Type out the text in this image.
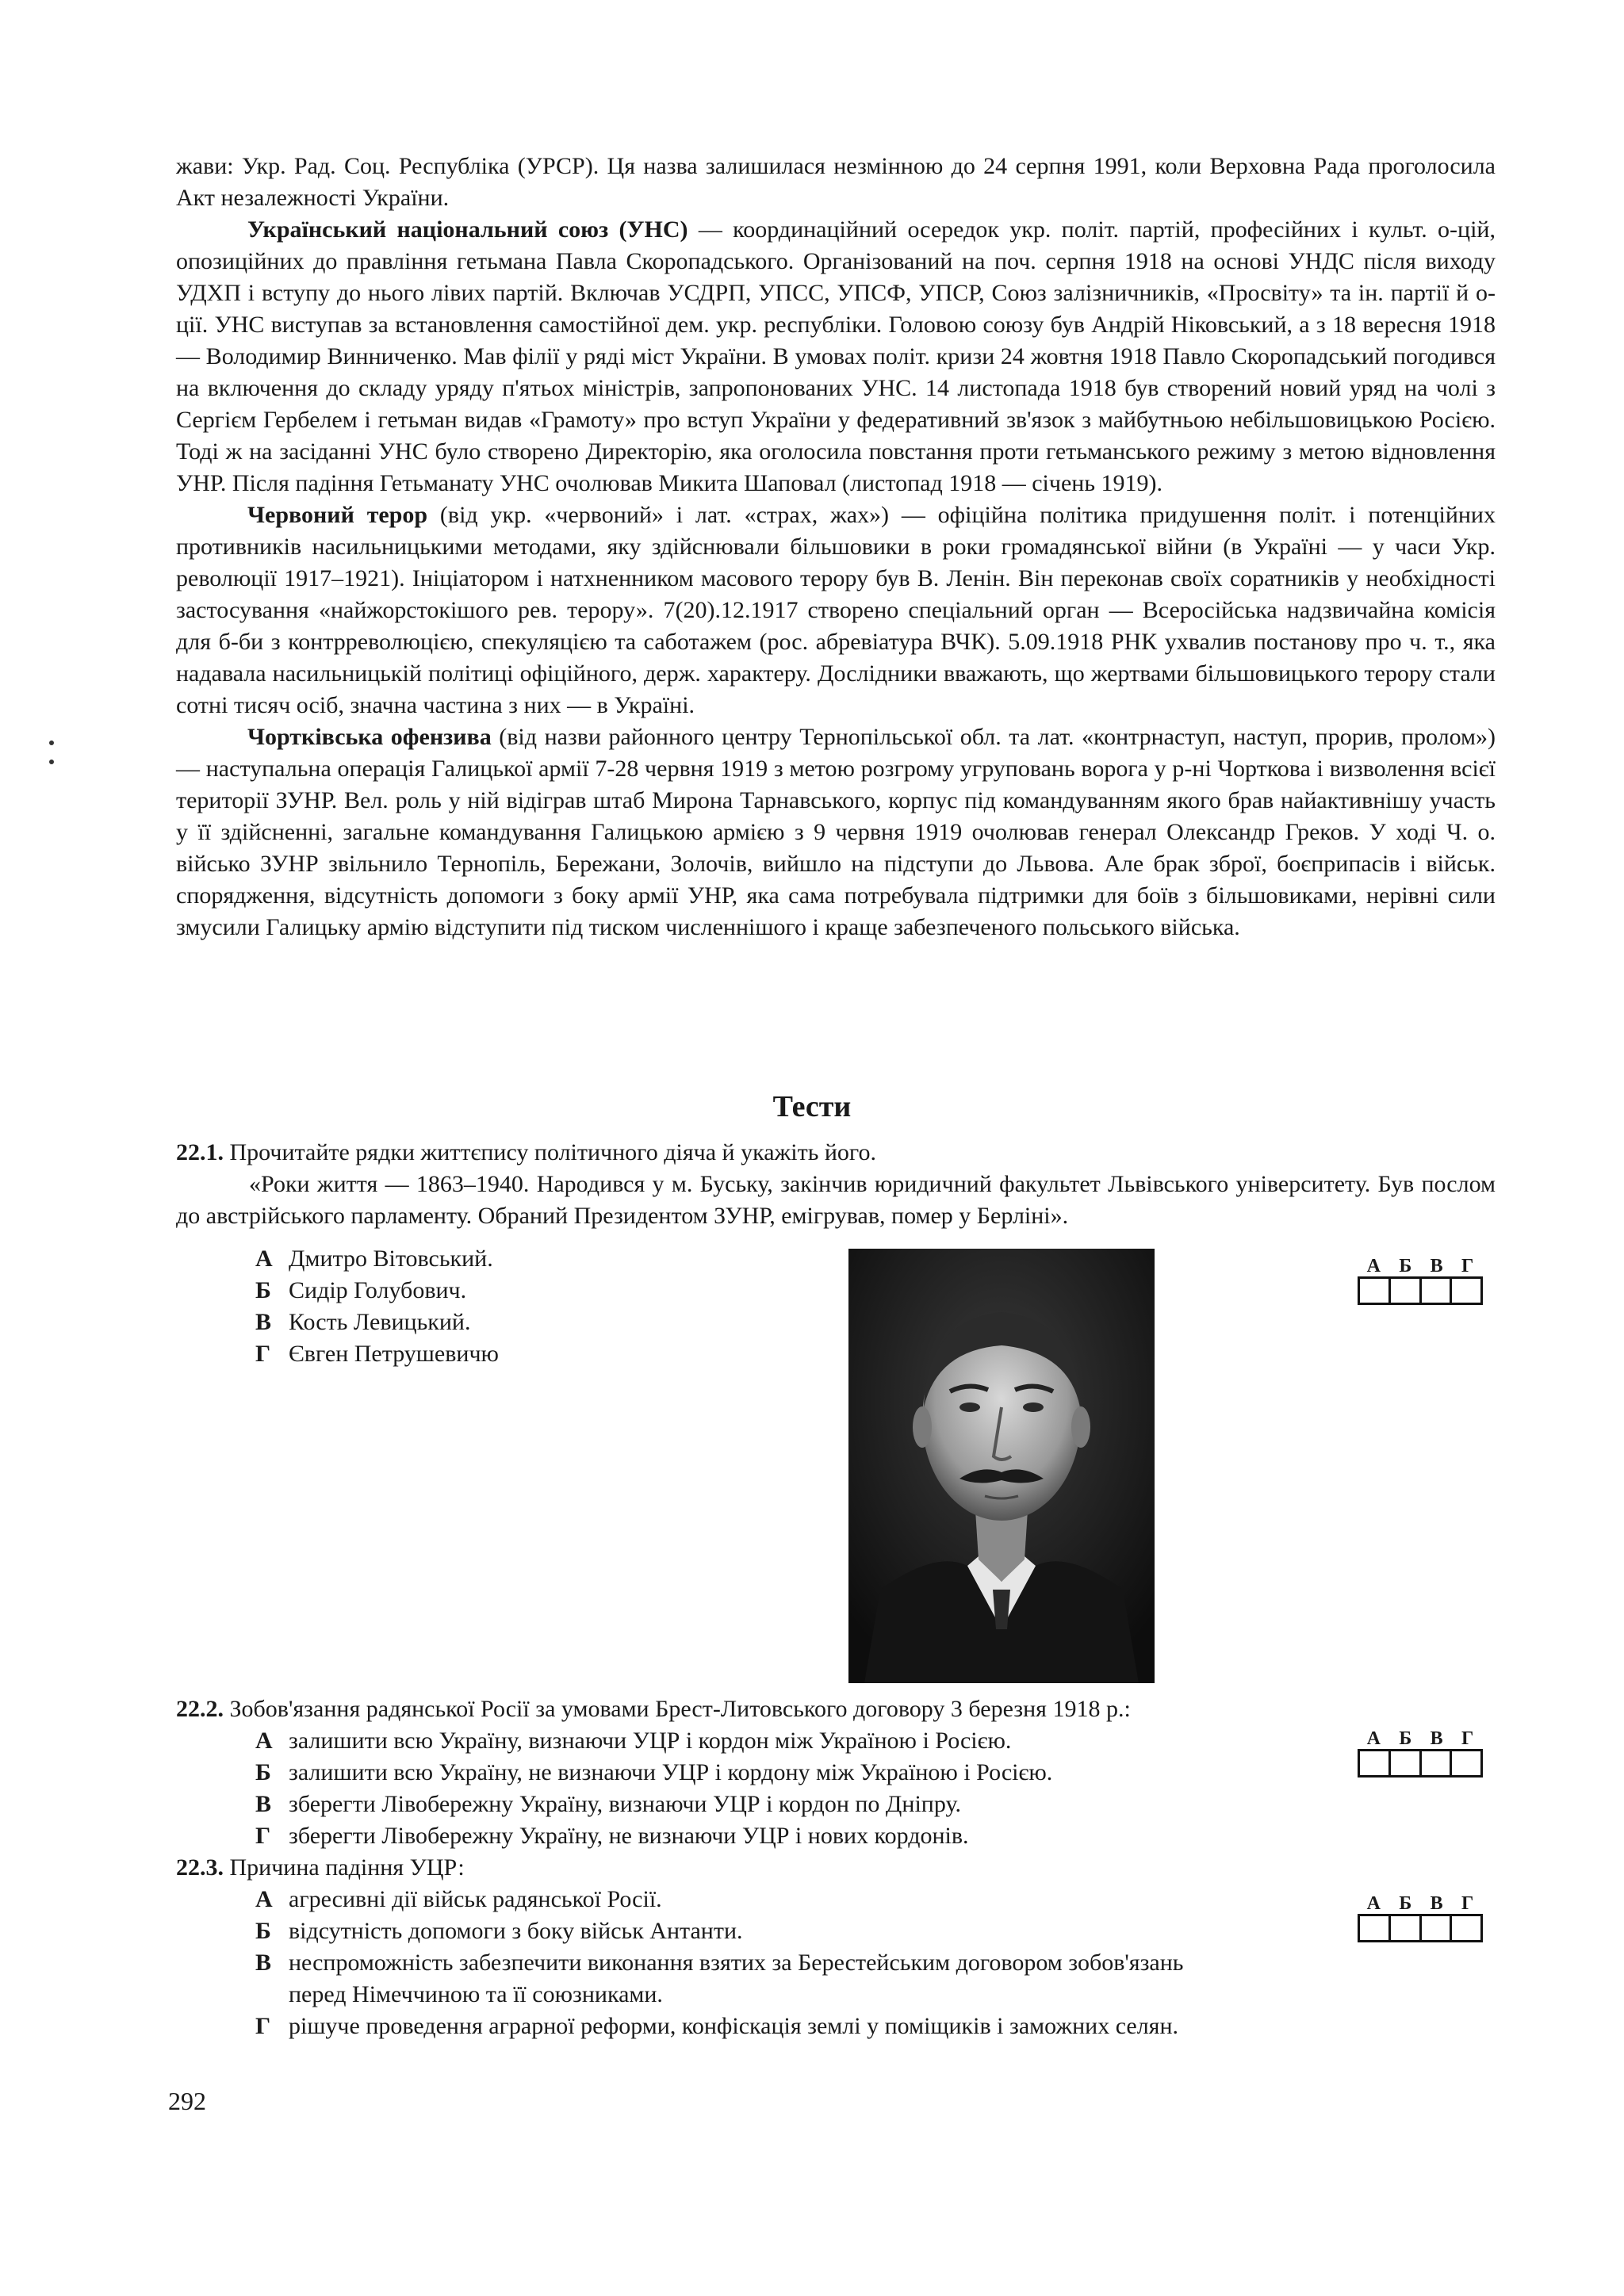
жави: Укр. Рад. Соц. Республіка (УРСР). Ця назва залишилася незмінною до 24 серпня 1991, коли Верховна Рада проголосила Акт незалежності України.

Український національний союз (УНС) — координаційний осередок укр. політ. партій, професійних і культ. о-цій, опозиційних до правління гетьмана Павла Скоропадського. Організований на поч. серпня 1918 на основі УНДС після виходу УДХП і вступу до нього лівих партій. Включав УСДРП, УПСС, УПСФ, УПСР, Союз залізничників, «Просвіту» та ін. партії й о-ції. УНС виступав за встановлення самостійної дем. укр. республіки. Головою союзу був Андрій Ніковський, а з 18 вересня 1918 — Володимир Винниченко. Мав філії у ряді міст України. В умовах політ. кризи 24 жовтня 1918 Павло Скоропадський погодився на включення до складу уряду п'ятьох міністрів, запропонованих УНС. 14 листопада 1918 був створений новий уряд на чолі з Сергієм Гербелем і гетьман видав «Грамоту» про вступ України у федеративний зв'язок з майбутньою небільшовицькою Росією. Тоді ж на засіданні УНС було створено Директорію, яка оголосила повстання проти гетьманського режиму з метою відновлення УНР. Після падіння Гетьманату УНС очолював Микита Шаповал (листопад 1918 — січень 1919).

Червоний терор (від укр. «червоний» і лат. «страх, жах») — офіційна політика придушення політ. і потенційних противників насильницькими методами, яку здійснювали більшовики в роки громадянської війни (в Україні — у часи Укр. революції 1917–1921). Ініціатором і натхненником масового терору був В. Ленін. Він переконав своїх соратників у необхідності застосування «найжорстокішого рев. терору». 7(20).12.1917 створено спеціальний орган — Всеросійська надзвичайна комісія для б-би з контрреволюцією, спекуляцією та саботажем (рос. абревіатура ВЧК). 5.09.1918 РНК ухвалив постанову про ч. т., яка надавала насильницькій політиці офіційного, держ. характеру. Дослідники вважають, що жертвами більшовицького терору стали сотні тисяч осіб, значна частина з них — в Україні.

Чортківська офензива (від назви районного центру Тернопільської обл. та лат. «контрнаступ, наступ, прорив, пролом») — наступальна операція Галицької армії 7-28 червня 1919 з метою розгрому угруповань ворога у р-ні Чорткова і визволення всієї території ЗУНР. Вел. роль у ній відіграв штаб Мирона Тарнавського, корпус під командуванням якого брав найактивнішу участь у її здійсненні, загальне командування Галицькою армією з 9 червня 1919 очолював генерал Олександр Греков. У ході Ч. о. військо ЗУНР звільнило Тернопіль, Бережани, Золочів, вийшло на підступи до Львова. Але брак зброї, боєприпасів і військ. спорядження, відсутність допомоги з боку армії УНР, яка сама потребувала підтримки для боїв з більшовиками, нерівні сили змусили Галицьку армію відступити під тиском численнішого і краще забезпеченого польського війська.

Тести
22.1. Прочитайте рядки життєпису політичного діяча й укажіть його.
«Роки життя — 1863–1940. Народився у м. Буську, закінчив юридичний факультет Львівського університету. Був послом до австрійського парламенту. Обраний Президентом ЗУНР, емігрував, помер у Берліні».
А Дмитро Вітовський.
Б Сидір Голубович.
В Кость Левицький.
Г Євген Петрушевичю
А Б В Г
22.2. Зобов'язання радянської Росії за умовами Брест-Литовського договору 3 березня 1918 р.:
А залишити всю Україну, визнаючи УЦР і кордон між Україною і Росією.
Б залишити всю Україну, не визнаючи УЦР і кордону між Україною і Росією.
В зберегти Лівобережну Україну, визнаючи УЦР і кордон по Дніпру.
Г зберегти Лівобережну Україну, не визнаючи УЦР і нових кордонів.
А Б В Г
22.3. Причина падіння УЦР:
А агресивні дії військ радянської Росії.
Б відсутність допомоги з боку військ Антанти.
В неспроможність забезпечити виконання взятих за Берестейським договором зобов'язань
перед Німеччиною та її союзниками.
Г рішуче проведення аграрної реформи, конфіскація землі у поміщиків і заможних селян.
А Б В Г
292
